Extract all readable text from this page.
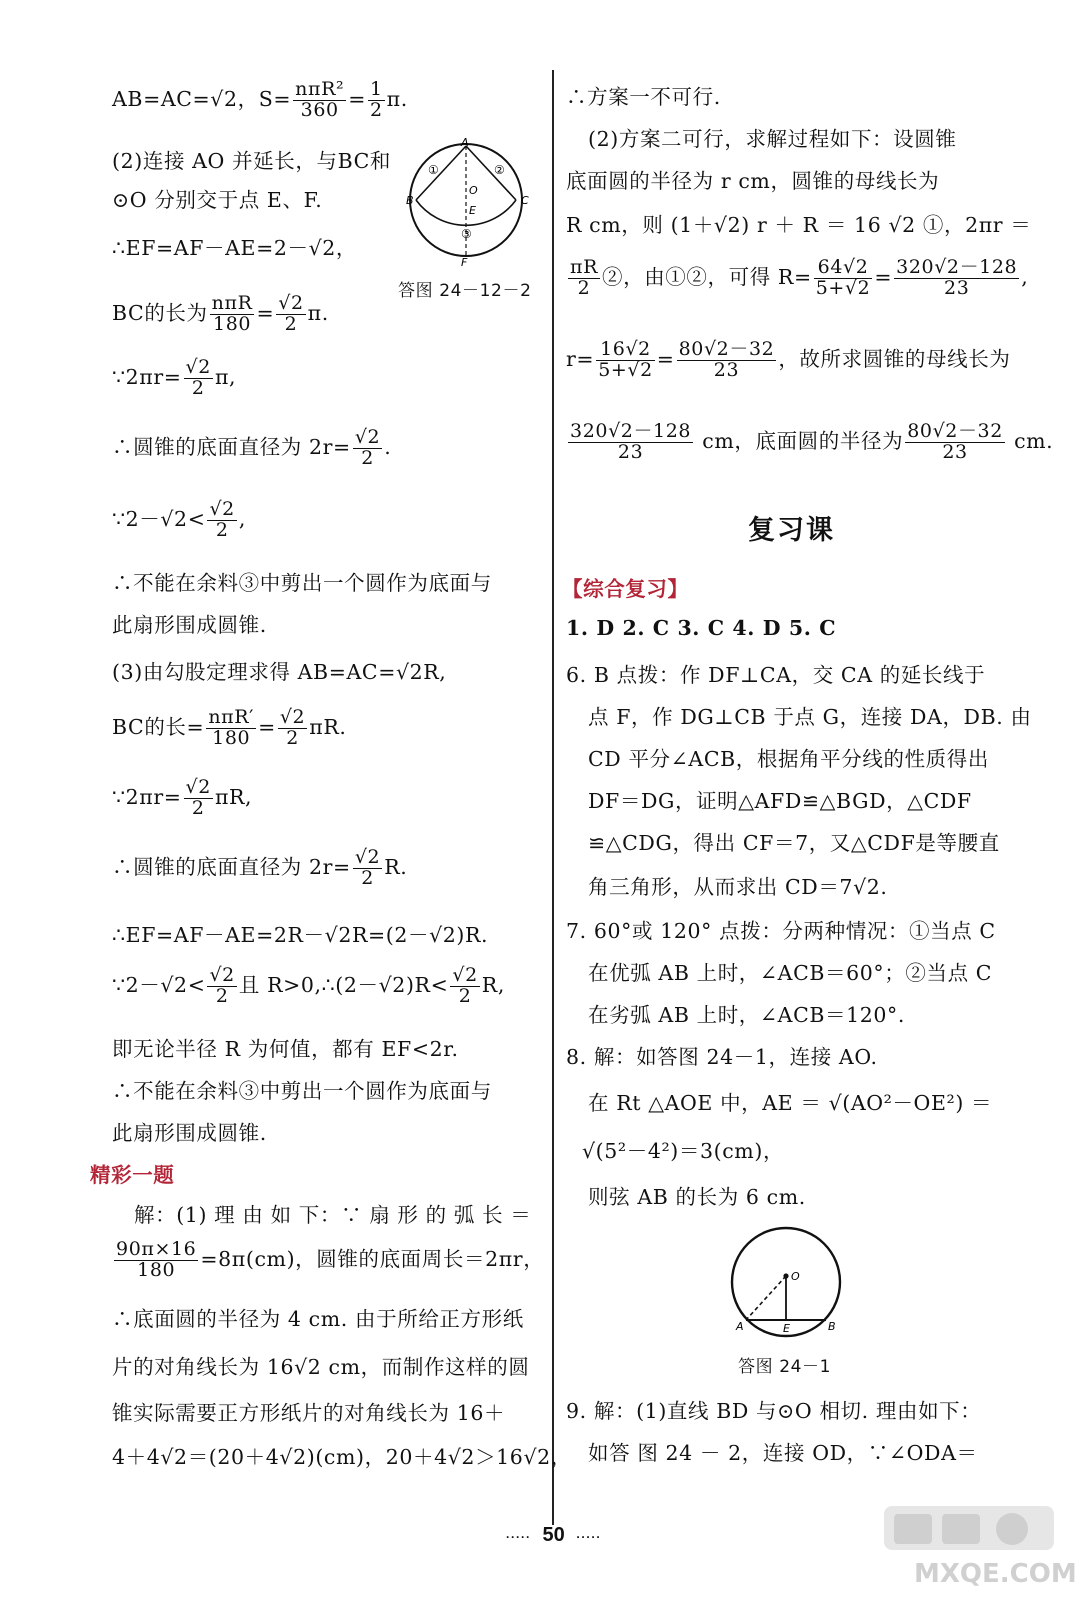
AB=AC=√2，$S= \frac{\text{nπR²}}{360} = \frac{1}{2} \pi$.
(2)连接 AO 并延长，与BC和
⊙O 分别交于点 E、F.
∴EF=AF－AE=2－√2，
A
B	C
O
E
F
①	②
③
答图 24－12－2
BC的长为 $\frac{\text{nπR}}{180} = \frac{√2}{2} \pi$.
∵2πr= $\frac{√2}{2} \pi$,
∴圆锥的底面直径为 $2r= \frac{√2}{2}$ .
∵2－√2< $\frac{√2}{2}$ ,
∴不能在余料③中剪出一个圆作为底面与
此扇形围成圆锥.
(3)由勾股定理求得 AB=AC=√2R,
BC的长= $\frac{\text{nπR′}}{180} = \frac{√2}{2} \pi R$.
∵2πr= $\frac{√2}{2} \pi R$,
∴圆锥的底面直径为 $2r= \frac{√2}{2} R$.
∴EF=AF－AE=2R－√2R=(2－√2)R.
∵2－√2< $\frac{√2}{2}$ 且 R>0,∴(2－√2)R< $\frac{√2}{2} R$,
即无论半径 R 为何值，都有 EF<2r.
∴不能在余料③中剪出一个圆作为底面与
此扇形围成圆锥.
精彩一题
解：(1) 理 由 如 下：∵ 扇 形 的 弧 长 ＝
$\frac{90\pi\times 16}{180} =8\pi(cm)$，圆锥的底面周长＝2πr，
∴底面圆的半径为 4 cm. 由于所给正方形纸
片的对角线长为 16√2 cm，而制作这样的圆
锥实际需要正方形纸片的对角线长为 16＋
4＋4√2＝(20＋4√2)(cm)，20＋4√2＞16√2，
∴方案一不可行.
(2)方案二可行，求解过程如下：设圆锥
底面圆的半径为 r cm，圆锥的母线长为
R cm，则 (1＋√2) r ＋ R ＝ 16 √2 ①，2πr ＝
$\frac{\pi R}{2}$ ②，由①②，可得 $R= \frac{64√2}{5+√2} = \frac{320√2-128}{23}$ ,
$r= \frac{16√2}{5+√2} = \frac{80√2-32}{23}$ ，故所求圆锥的母线长为
$\frac{320√2-128}{23}$ cm，底面圆的半径为 $\frac{80√2-32}{23}$ cm.
复习课
【综合复习】
1. D 2. C 3. C 4. D 5. C
6. B 点拨：作 DF⊥CA，交 CA 的延长线于
点 F，作 DG⊥CB 于点 G，连接 DA，DB. 由
CD 平分∠ACB，根据角平分线的性质得出
DF＝DG，证明△AFD≌△BGD，△CDF
≌△CDG，得出 CF＝7，又△CDF是等腰直
角三角形，从而求出 CD＝7√2.
7. 60°或 120° 点拨：分两种情况：①当点 C
在优弧 AB 上时，∠ACB＝60°；②当点 C
在劣弧 AB 上时，∠ACB＝120°.
8. 解：如答图 24－1，连接 AO.
在 Rt △AOE 中，AE ＝ √(AO²－OE²) ＝
√(5²－4²)＝3(cm)，
则弦 AB 的长为 6 cm.
O
A	E	B
答图 24－1
9. 解：(1)直线 BD 与⊙O 相切. 理由如下：
如答 图 24 － 2，连接 OD，∵∠ODA＝
····· 50 ·····
MXQE.COM
